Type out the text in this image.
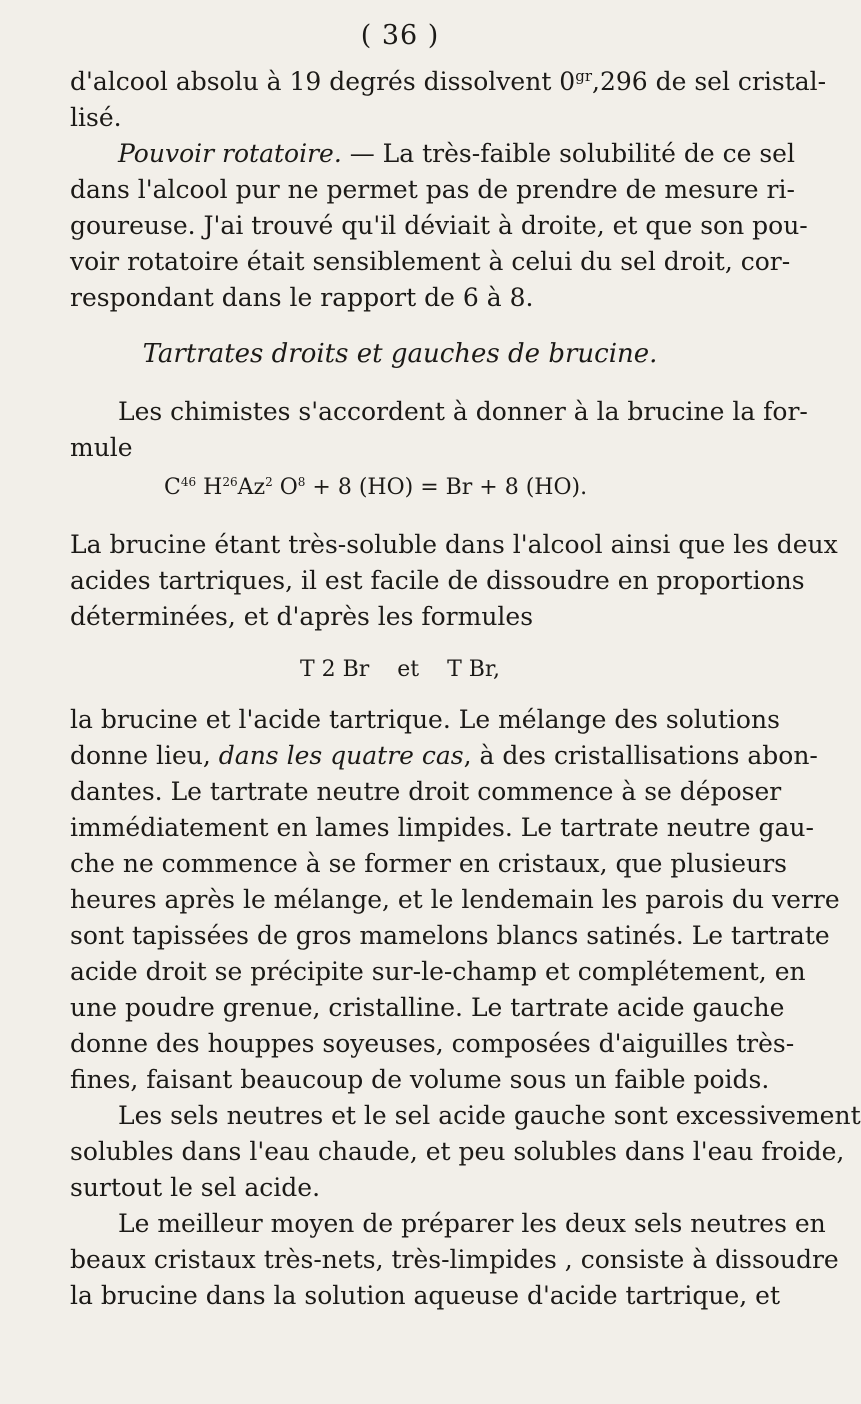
( 36 )
d'alcool absolu à 19 degrés dissolvent $0^{gr},296$ de sel cristal-
lisé.
Pouvoir rotatoire. — La très-faible solubilité de ce sel
dans l'alcool pur ne permet pas de prendre de mesure ri-
goureuse. J'ai trouvé qu'il déviait à droite, et que son pou-
voir rotatoire était sensiblement à celui du sel droit, cor-
respondant dans le rapport de 6 à 8.
Tartrates droits et gauches de brucine.
Les chimistes s'accordent à donner à la brucine la for-
mule
$C^{46}$ $H^{26}Az^2$ $O^8 + 8$ (HO) = Br + 8 (HO).
La brucine étant très-soluble dans l'alcool ainsi que les deux
acides tartriques, il est facile de dissoudre en proportions
déterminées, et d'après les formules
T 2 Br    et    T Br,
la brucine et l'acide tartrique. Le mélange des solutions
donne lieu, dans les quatre cas, à des cristallisations abon-
dantes. Le tartrate neutre droit commence à se déposer
immédiatement en lames limpides. Le tartrate neutre gau-
che ne commence à se former en cristaux, que plusieurs
heures après le mélange, et le lendemain les parois du verre
sont tapissées de gros mamelons blancs satinés. Le tartrate
acide droit se précipite sur-le-champ et complétement, en
une poudre grenue, cristalline. Le tartrate acide gauche
donne des houppes soyeuses, composées d'aiguilles très-
fines, faisant beaucoup de volume sous un faible poids.
Les sels neutres et le sel acide gauche sont excessivement
solubles dans l'eau chaude, et peu solubles dans l'eau froide,
surtout le sel acide.
Le meilleur moyen de préparer les deux sels neutres en
beaux cristaux très-nets, très-limpides , consiste à dissoudre
la brucine dans la solution aqueuse d'acide tartrique, et
